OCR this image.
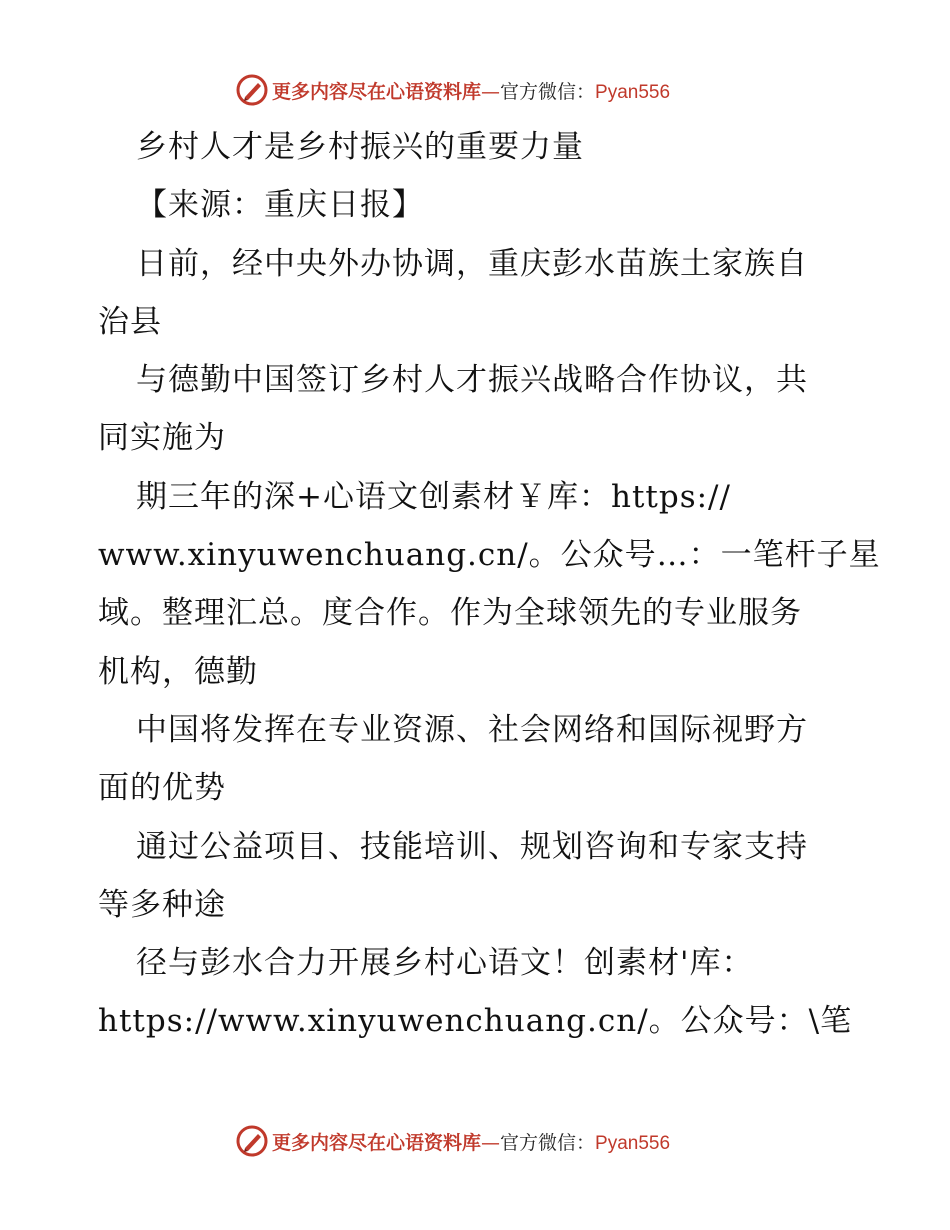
更多内容尽在心语资料库—官方微信：Pyan556
乡村人才是乡村振兴的重要力量
【来源：重庆日报】
日前，经中央外办协调，重庆彭水苗族土家族自
治县
与德勤中国签订乡村人才振兴战略合作协议，共
同实施为
期三年的深+心语文创素材￥库：https://
www.xinyuwenchuang.cn/。公众号…：一笔杆子星
域。整理汇总。度合作。作为全球领先的专业服务
机构，德勤
中国将发挥在专业资源、社会网络和国际视野方
面的优势
通过公益项目、技能培训、规划咨询和专家支持
等多种途
径与彭水合力开展乡村心语文！创素材'库：
https://www.xinyuwenchuang.cn/。公众号：\笔
更多内容尽在心语资料库—官方微信：Pyan556
